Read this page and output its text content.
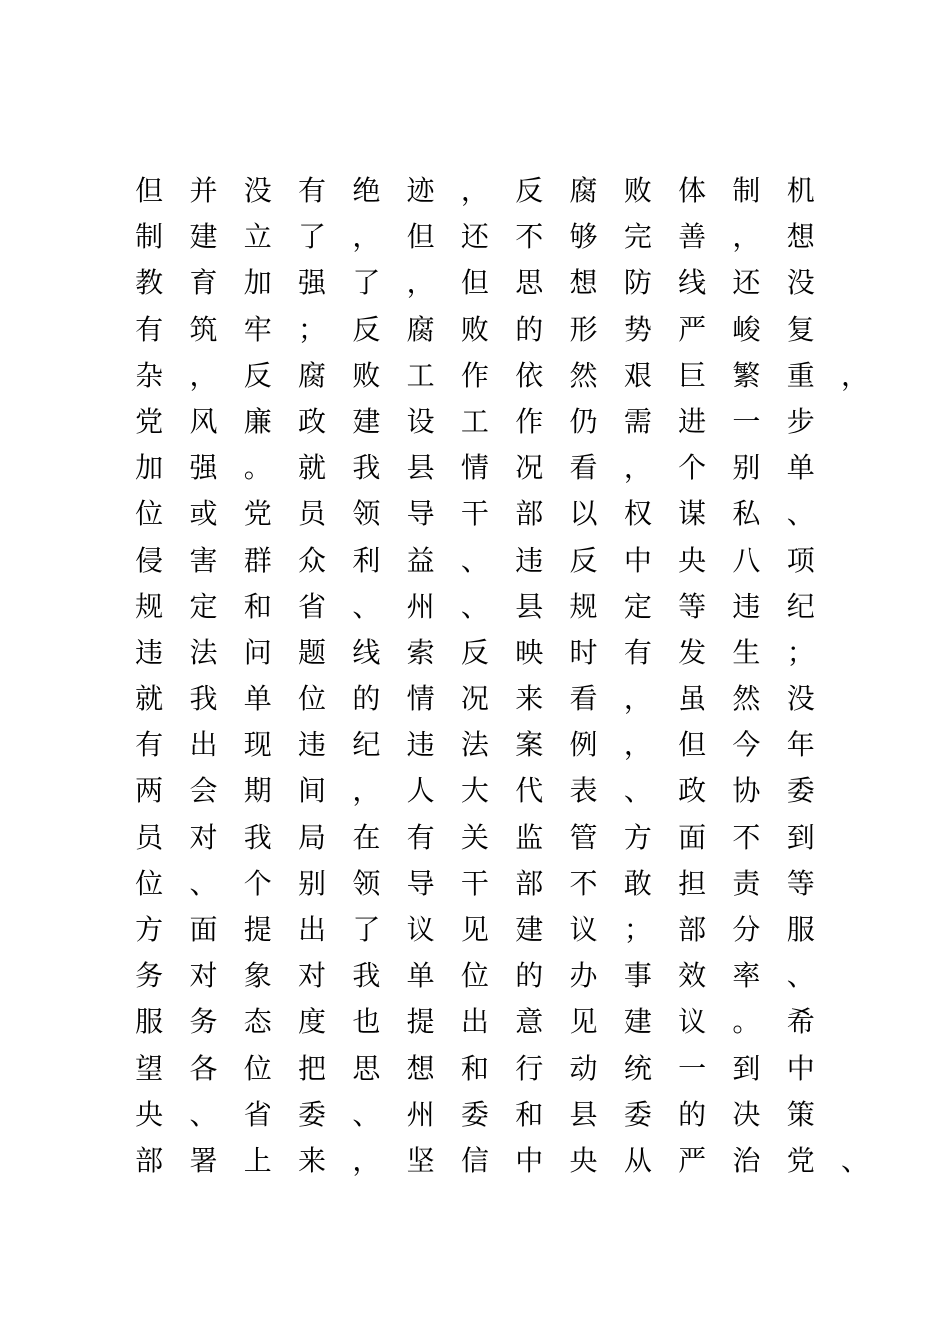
但 并 没 有 绝 迹 ， 反 腐 败 体 制 机
制 建 立 了 ， 但 还 不 够 完 善 ， 想
教 育 加 强 了 ， 但 思 想 防 线 还 没
有 筑 牢 ； 反 腐 败 的 形 势 严 峻 复
杂 ， 反 腐 败 工 作 依 然 艰 巨 繁 重 ，
党 风 廉 政 建 设 工 作 仍 需 进 一 步
加 强 。 就 我 县 情 况 看 ， 个 别 单
位 或 党 员 领 导 干 部 以 权 谋 私 、
侵 害 群 众 利 益 、 违 反 中 央 八 项
规 定 和 省 、 州 、 县 规 定 等 违 纪
违 法 问 题 线 索 反 映 时 有 发 生 ；
就 我 单 位 的 情 况 来 看 ， 虽 然 没
有 出 现 违 纪 违 法 案 例 ， 但 今 年
两 会 期 间 ， 人 大 代 表 、 政 协 委
员 对 我 局 在 有 关 监 管 方 面 不 到
位 、 个 别 领 导 干 部 不 敢 担 责 等
方 面 提 出 了 议 见 建 议 ； 部 分 服
务 对 象 对 我 单 位 的 办 事 效 率 、
服 务 态 度 也 提 出 意 见 建 议 。 希
望 各 位 把 思 想 和 行 动 统 一 到 中
央 、 省 委 、 州 委 和 县 委 的 决 策
部 署 上 来 ， 坚 信 中 央 从 严 治 党 、
